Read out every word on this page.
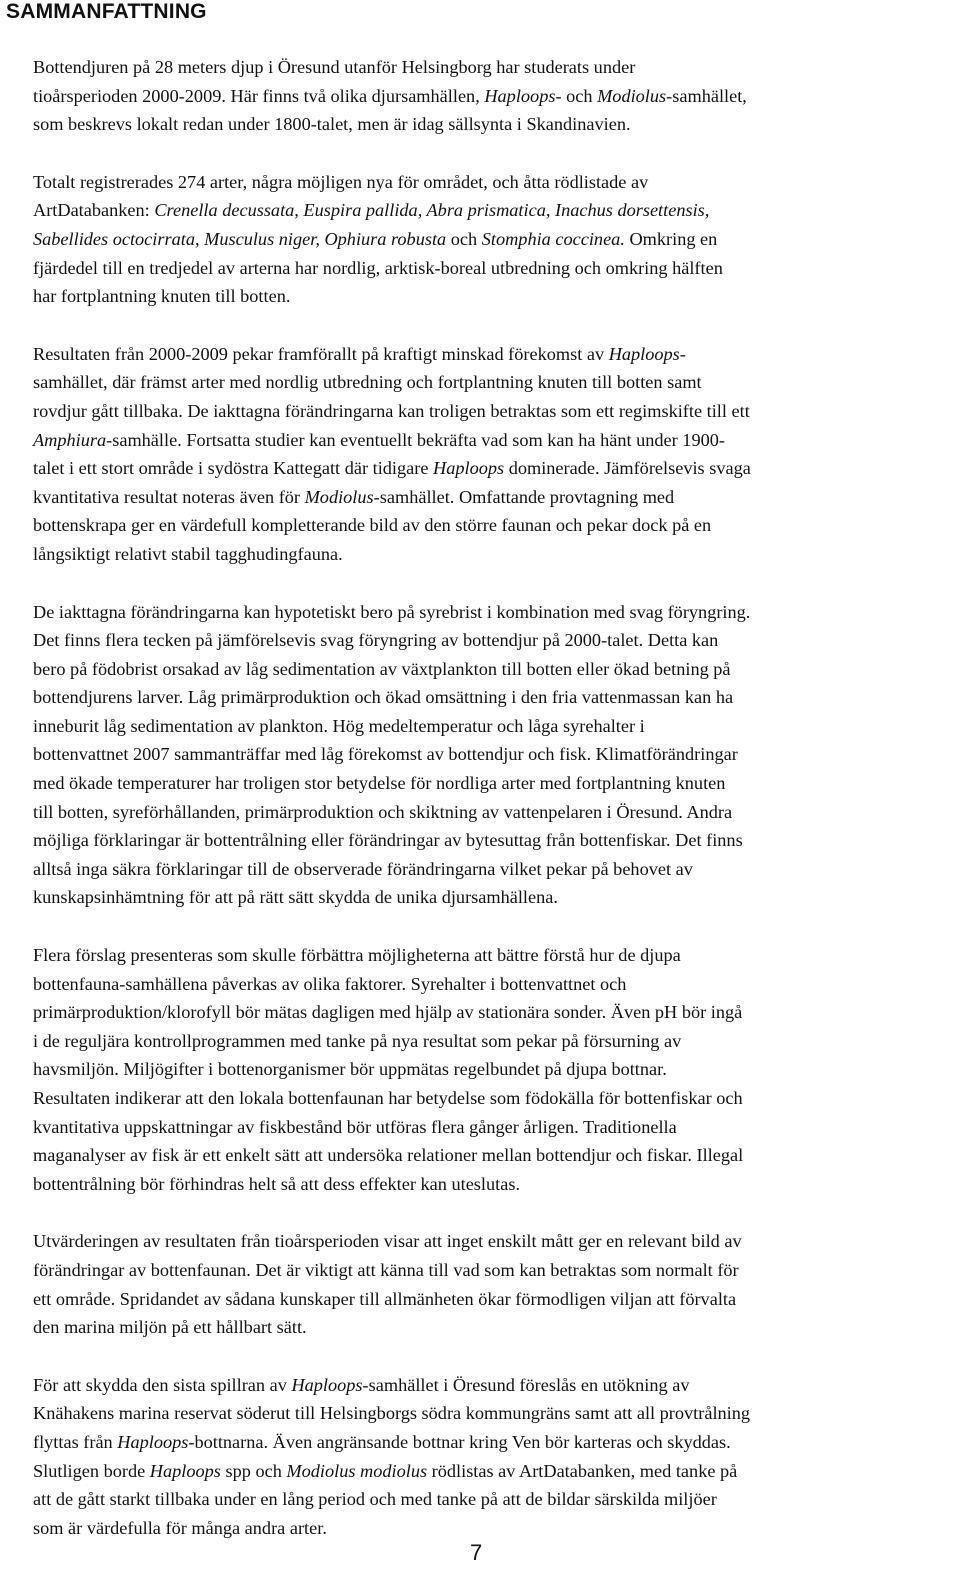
SAMMANFATTNING

Bottendjuren på 28 meters djup i Öresund utanför Helsingborg har studerats under
tioårsperioden 2000-2009. Här finns två olika djursamhällen, Haploops- och Modiolus-samhället,
som beskrevs lokalt redan under 1800-talet, men är idag sällsynta i Skandinavien.

Totalt registrerades 274 arter, några möjligen nya för området, och åtta rödlistade av
ArtDatabanken: Crenella decussata, Euspira pallida, Abra prismatica, Inachus dorsettensis,
Sabellides octocirrata, Musculus niger, Ophiura robusta och Stomphia coccinea. Omkring en
fjärdedel till en tredjedel av arterna har nordlig, arktisk-boreal utbredning och omkring hälften
har fortplantning knuten till botten.

Resultaten från 2000-2009 pekar framförallt på kraftigt minskad förekomst av Haploops-
samhället, där främst arter med nordlig utbredning och fortplantning knuten till botten samt
rovdjur gått tillbaka. De iakttagna förändringarna kan troligen betraktas som ett regimskifte till ett
Amphiura-samhälle. Fortsatta studier kan eventuellt bekräfta vad som kan ha hänt under 1900-
talet i ett stort område i sydöstra Kattegatt där tidigare Haploops dominerade. Jämförelsevis svaga
kvantitativa resultat noteras även för Modiolus-samhället. Omfattande provtagning med
bottenskrapa ger en värdefull kompletterande bild av den större faunan och pekar dock på en
långsiktigt relativt stabil tagghudingfauna.

De iakttagna förändringarna kan hypotetiskt bero på syrebrist i kombination med svag föryngring.
Det finns flera tecken på jämförelsevis svag föryngring av bottendjur på 2000-talet. Detta kan
bero på födobrist orsakad av låg sedimentation av växtplankton till botten eller ökad betning på
bottendjurens larver. Låg primärproduktion och ökad omsättning i den fria vattenmassan kan ha
inneburit låg sedimentation av plankton. Hög medeltemperatur och låga syrehalter i
bottenvattnet 2007 sammanträffar med låg förekomst av bottendjur och fisk. Klimatförändringar
med ökade temperaturer har troligen stor betydelse för nordliga arter med fortplantning knuten
till botten, syreförhållanden, primärproduktion och skiktning av vattenpelaren i Öresund. Andra
möjliga förklaringar är bottentrålning eller förändringar av bytesuttag från bottenfiskar. Det finns
alltså inga säkra förklaringar till de observerade förändringarna vilket pekar på behovet av
kunskapsinhämtning för att på rätt sätt skydda de unika djursamhällena.

Flera förslag presenteras som skulle förbättra möjligheterna att bättre förstå hur de djupa
bottenfauna-samhällena påverkas av olika faktorer. Syrehalter i bottenvattnet och
primärproduktion/klorofyll bör mätas dagligen med hjälp av stationära sonder. Även pH bör ingå
i de reguljära kontrollprogrammen med tanke på nya resultat som pekar på försurning av
havsmiljön. Miljögifter i bottenorganismer bör uppmätas regelbundet på djupa bottnar.
Resultaten indikerar att den lokala bottenfaunan har betydelse som födokälla för bottenfiskar och
kvantitativa uppskattningar av fiskbestånd bör utföras flera gånger årligen. Traditionella
maganalyser av fisk är ett enkelt sätt att undersöka relationer mellan bottendjur och fiskar. Illegal
bottentrålning bör förhindras helt så att dess effekter kan uteslutas.

Utvärderingen av resultaten från tioårsperioden visar att inget enskilt mått ger en relevant bild av
förändringar av bottenfaunan. Det är viktigt att känna till vad som kan betraktas som normalt för
ett område. Spridandet av sådana kunskaper till allmänheten ökar förmodligen viljan att förvalta
den marina miljön på ett hållbart sätt.

För att skydda den sista spillran av Haploops-samhället i Öresund föreslås en utökning av
Knähakens marina reservat söderut till Helsingborgs södra kommungräns samt att all provtrålning
flyttas från Haploops-bottnarna. Även angränsande bottnar kring Ven bör karteras och skyddas.
Slutligen borde Haploops spp och Modiolus modiolus rödlistas av ArtDatabanken, med tanke på
att de gått starkt tillbaka under en lång period och med tanke på att de bildar särskilda miljöer
som är värdefulla för många andra arter.

7
